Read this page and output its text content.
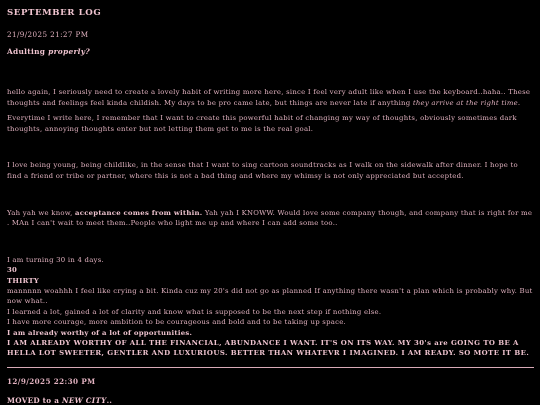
SEPTEMBER LOG
21/9/2025 21:27 PM
Adulting properly?

hello again, I seriously need to create a lovely habit of writing more here, since I feel very adult like when I use the keyboard..haha.. These thoughts and feelings feel kinda childish. My days to be pro came late, but things are never late if anything they arrive at the right time.

Everytime I write here, I remember that I want to create this powerful habit of changing my way of thoughts, obviously sometimes dark thoughts, annoying thoughts enter but not letting them get to me is the real goal.

I love being young, being childlike, in the sense that I want to sing cartoon soundtracks as I walk on the sidewalk after dinner. I hope to find a friend or tribe or partner, where this is not a bad thing and where my whimsy is not only appreciated but accepted.

Yah yah we know, acceptance comes from within. Yah yah I KNOWW. Would love some company though, and company that is right for me . MAn I can't wait to meet them..People who light me up and where I can add some too..

I am turning 30 in 4 days.
30
THIRTY
mannnnn woahhh I feel like crying a bit. Kinda cuz my 20's did not go as planned If anything there wasn't a plan which is probably why. But now what..
I learned a lot, gained a lot of clarity and know what is supposed to be the next step if nothing else.
I have more courage, more ambition to be courageous and bold and to be taking up space.
I am already worthy of a lot of opportunities.
I AM ALREADY WORTHY OF ALL THE FINANCIAL, ABUNDANCE I WANT. IT'S ON ITS WAY. MY 30's are GOING TO BE A HELLA LOT SWEETER, GENTLER AND LUXURIOUS. BETTER THAN WHATEVR I IMAGINED. I AM READY. SO MOTE IT BE.
12/9/2025 22:30 PM
MOVED to a NEW CITY..
